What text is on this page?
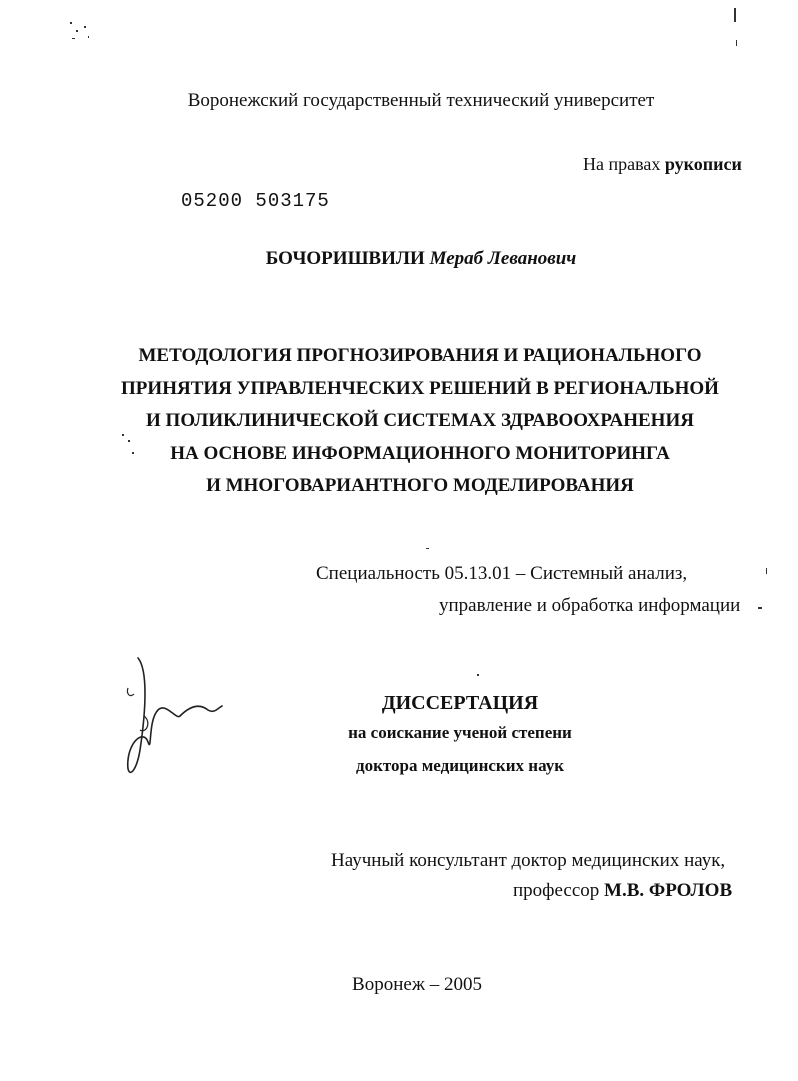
Воронежский государственный технический университет
На правах рукописи
05200 503175
БОЧОРИШВИЛИ Мераб Леванович
МЕТОДОЛОГИЯ ПРОГНОЗИРОВАНИЯ И РАЦИОНАЛЬНОГО
ПРИНЯТИЯ УПРАВЛЕНЧЕСКИХ РЕШЕНИЙ В РЕГИОНАЛЬНОЙ
И ПОЛИКЛИНИЧЕСКОЙ СИСТЕМАХ ЗДРАВООХРАНЕНИЯ
НА ОСНОВЕ ИНФОРМАЦИОННОГО МОНИТОРИНГА
И МНОГОВАРИАНТНОГО МОДЕЛИРОВАНИЯ
Специальность 05.13.01 – Системный анализ,
управление и обработка информации
ДИССЕРТАЦИЯ
на соискание ученой степени
доктора медицинских наук
Научный консультант доктор медицинских наук,
профессор М.В. ФРОЛОВ
Воронеж – 2005
